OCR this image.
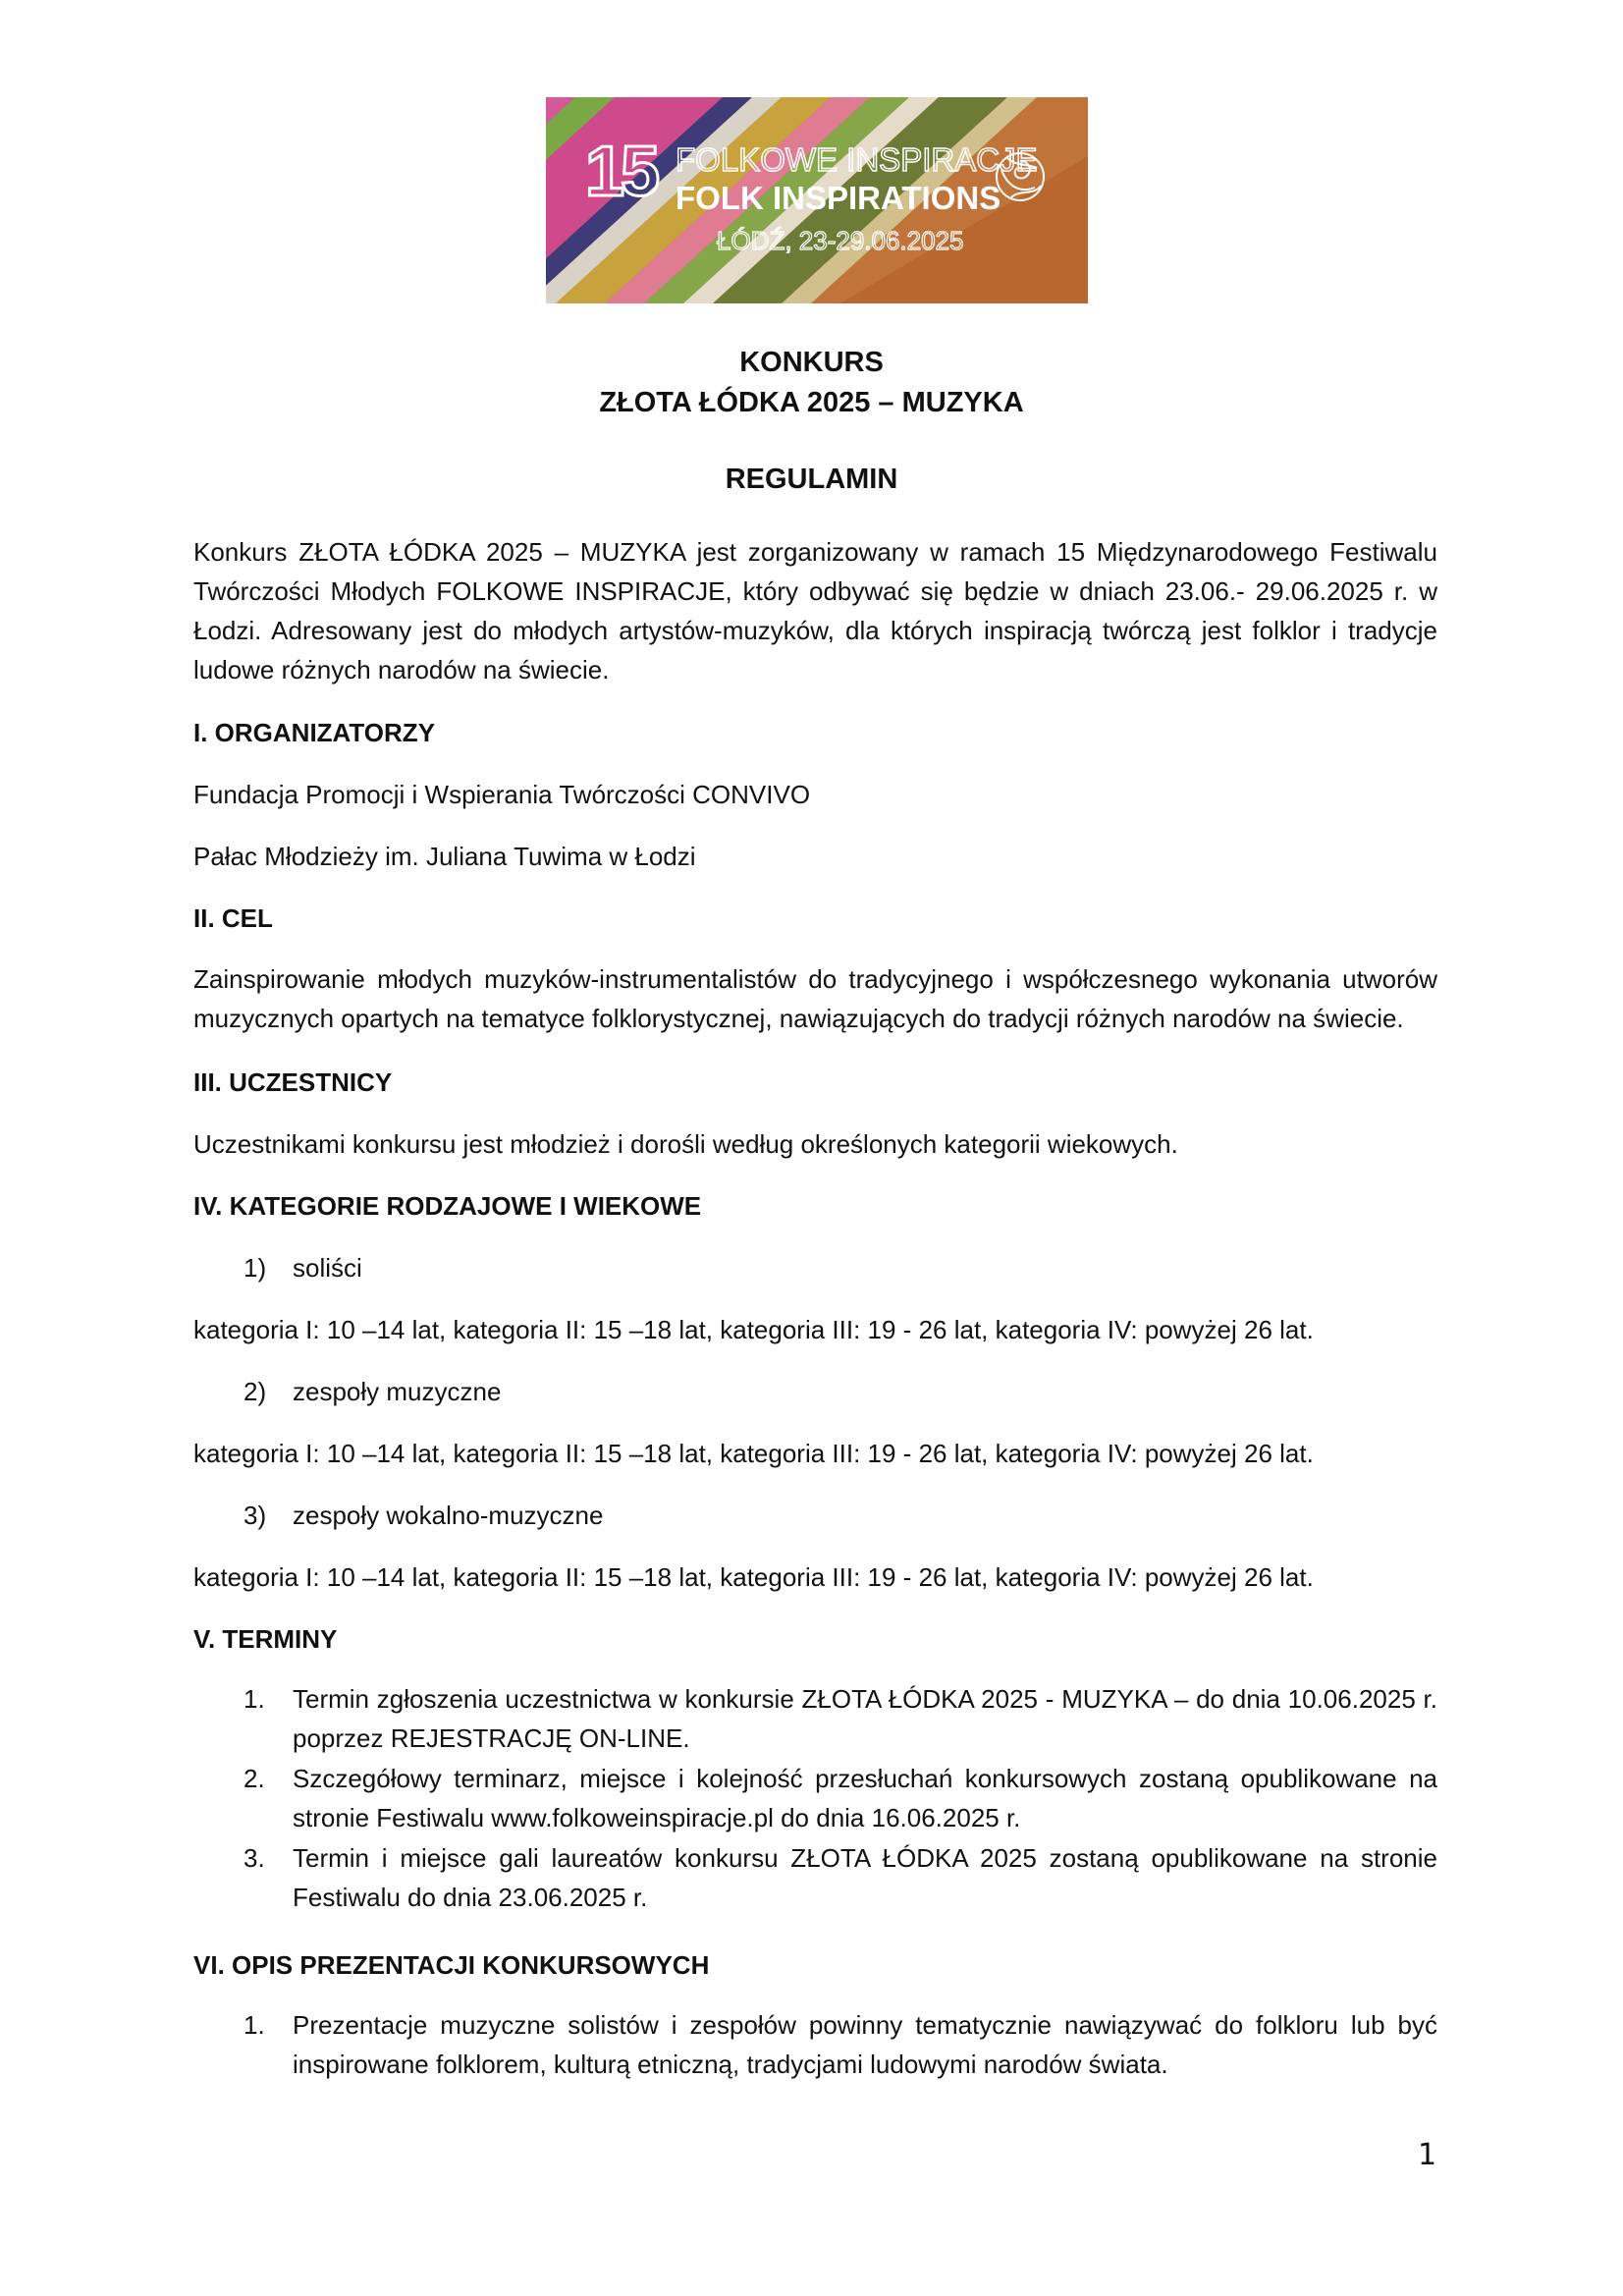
15 FOLKOWE INSPIRACJE
FOLK INSPIRATIONS
ŁÓDŹ, 23-29.06.2025
KONKURS
ZŁOTA ŁÓDKA 2025 – MUZYKA
REGULAMIN
Konkurs ZŁOTA ŁÓDKA 2025 – MUZYKA jest zorganizowany w ramach 15 Międzynarodowego Festiwalu Twórczości Młodych FOLKOWE INSPIRACJE, który odbywać się będzie w dniach 23.06.- 29.06.2025 r. w Łodzi. Adresowany jest do młodych artystów-muzyków, dla których inspiracją twórczą jest folklor i tradycje ludowe różnych narodów na świecie.
I. ORGANIZATORZY
Fundacja Promocji i Wspierania Twórczości CONVIVO
Pałac Młodzieży im. Juliana Tuwima w Łodzi
II. CEL
Zainspirowanie młodych muzyków-instrumentalistów do tradycyjnego i współczesnego wykonania utworów muzycznych opartych na tematyce folklorystycznej, nawiązujących do tradycji różnych narodów na świecie.
III. UCZESTNICY
Uczestnikami konkursu jest młodzież i dorośli według określonych kategorii wiekowych.
IV. KATEGORIE RODZAJOWE I WIEKOWE
1) soliści
kategoria I: 10 –14 lat, kategoria II: 15 –18 lat, kategoria III: 19 - 26 lat, kategoria IV: powyżej 26 lat.
2) zespoły muzyczne
kategoria I: 10 –14 lat, kategoria II: 15 –18 lat, kategoria III: 19 - 26 lat, kategoria IV: powyżej 26 lat.
3) zespoły wokalno-muzyczne
kategoria I: 10 –14 lat, kategoria II: 15 –18 lat, kategoria III: 19 - 26 lat, kategoria IV: powyżej 26 lat.
V. TERMINY
1. Termin zgłoszenia uczestnictwa w konkursie ZŁOTA ŁÓDKA 2025 - MUZYKA – do dnia 10.06.2025 r. poprzez REJESTRACJĘ ON-LINE.
2. Szczegółowy terminarz, miejsce i kolejność przesłuchań konkursowych zostaną opublikowane na stronie Festiwalu www.folkoweinspiracje.pl do dnia 16.06.2025 r.
3. Termin i miejsce gali laureatów konkursu ZŁOTA ŁÓDKA 2025 zostaną opublikowane na stronie Festiwalu do dnia 23.06.2025 r.
VI. OPIS PREZENTACJI KONKURSOWYCH
1. Prezentacje muzyczne solistów i zespołów powinny tematycznie nawiązywać do folkloru lub być inspirowane folklorem, kulturą etniczną, tradycjami ludowymi narodów świata.
1
